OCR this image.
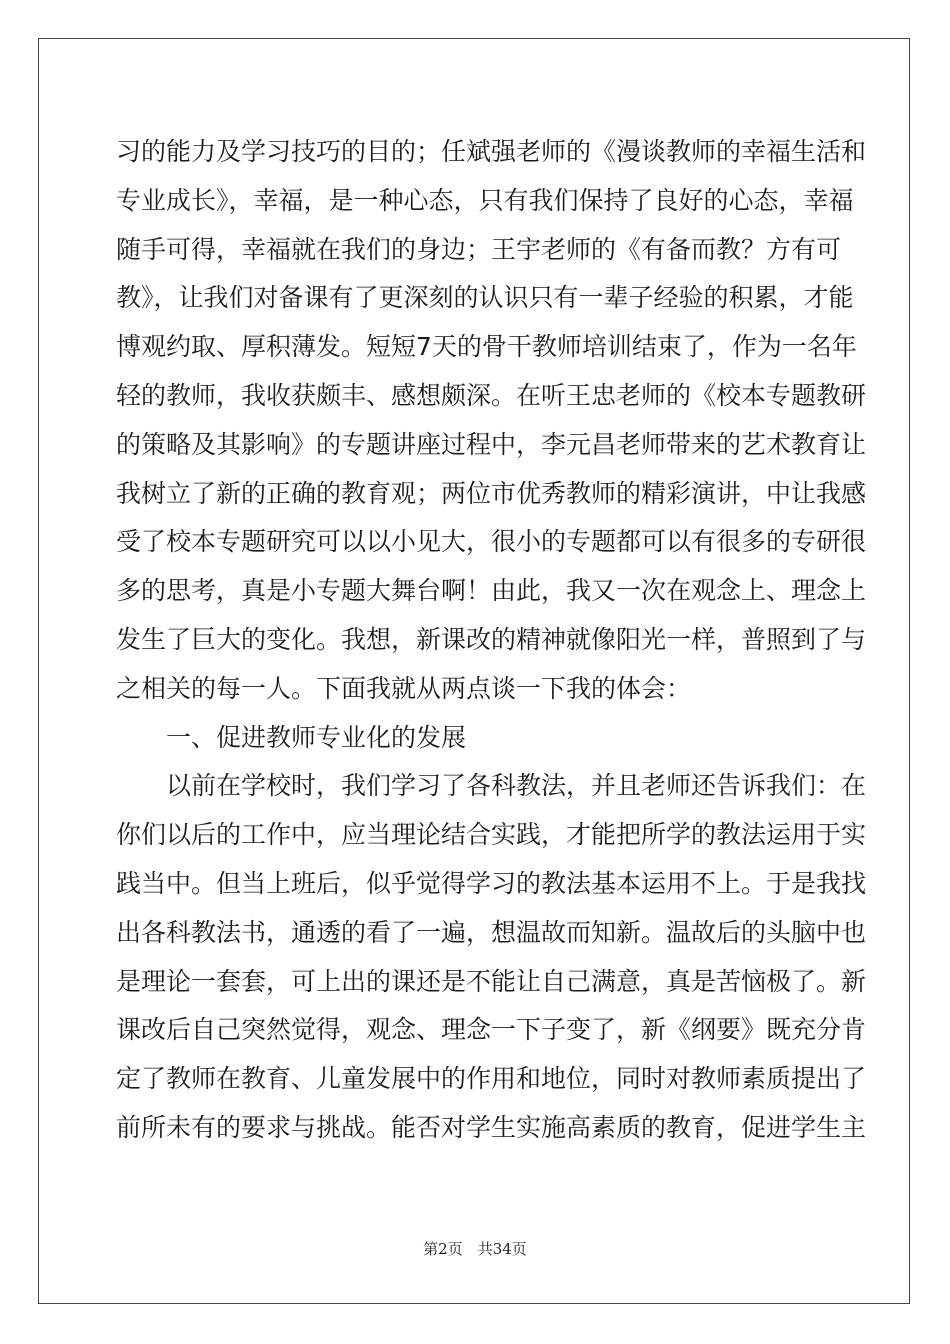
习的能力及学习技巧的目的；任斌强老师的《漫谈教师的幸福生活和
专业成长》，幸福，是一种心态，只有我们保持了良好的心态，幸福
随手可得，幸福就在我们的身边；王宇老师的《有备而教？方有可
教》，让我们对备课有了更深刻的认识只有一辈子经验的积累，才能
博观约取、厚积薄发。短短7天的骨干教师培训结束了，作为一名年
轻的教师，我收获颇丰、感想颇深。在听王忠老师的《校本专题教研
的策略及其影响》的专题讲座过程中，李元昌老师带来的艺术教育让
我树立了新的正确的教育观；两位市优秀教师的精彩演讲，中让我感
受了校本专题研究可以以小见大，很小的专题都可以有很多的专研很
多的思考，真是小专题大舞台啊！由此，我又一次在观念上、理念上
发生了巨大的变化。我想，新课改的精神就像阳光一样，普照到了与
之相关的每一人。下面我就从两点谈一下我的体会：
一、促进教师专业化的发展
以前在学校时，我们学习了各科教法，并且老师还告诉我们：在
你们以后的工作中，应当理论结合实践，才能把所学的教法运用于实
践当中。但当上班后，似乎觉得学习的教法基本运用不上。于是我找
出各科教法书，通透的看了一遍，想温故而知新。温故后的头脑中也
是理论一套套，可上出的课还是不能让自己满意，真是苦恼极了。新
课改后自己突然觉得，观念、理念一下子变了，新《纲要》既充分肯
定了教师在教育、儿童发展中的作用和地位，同时对教师素质提出了
前所未有的要求与挑战。能否对学生实施高素质的教育，促进学生主
第2页　共34页
